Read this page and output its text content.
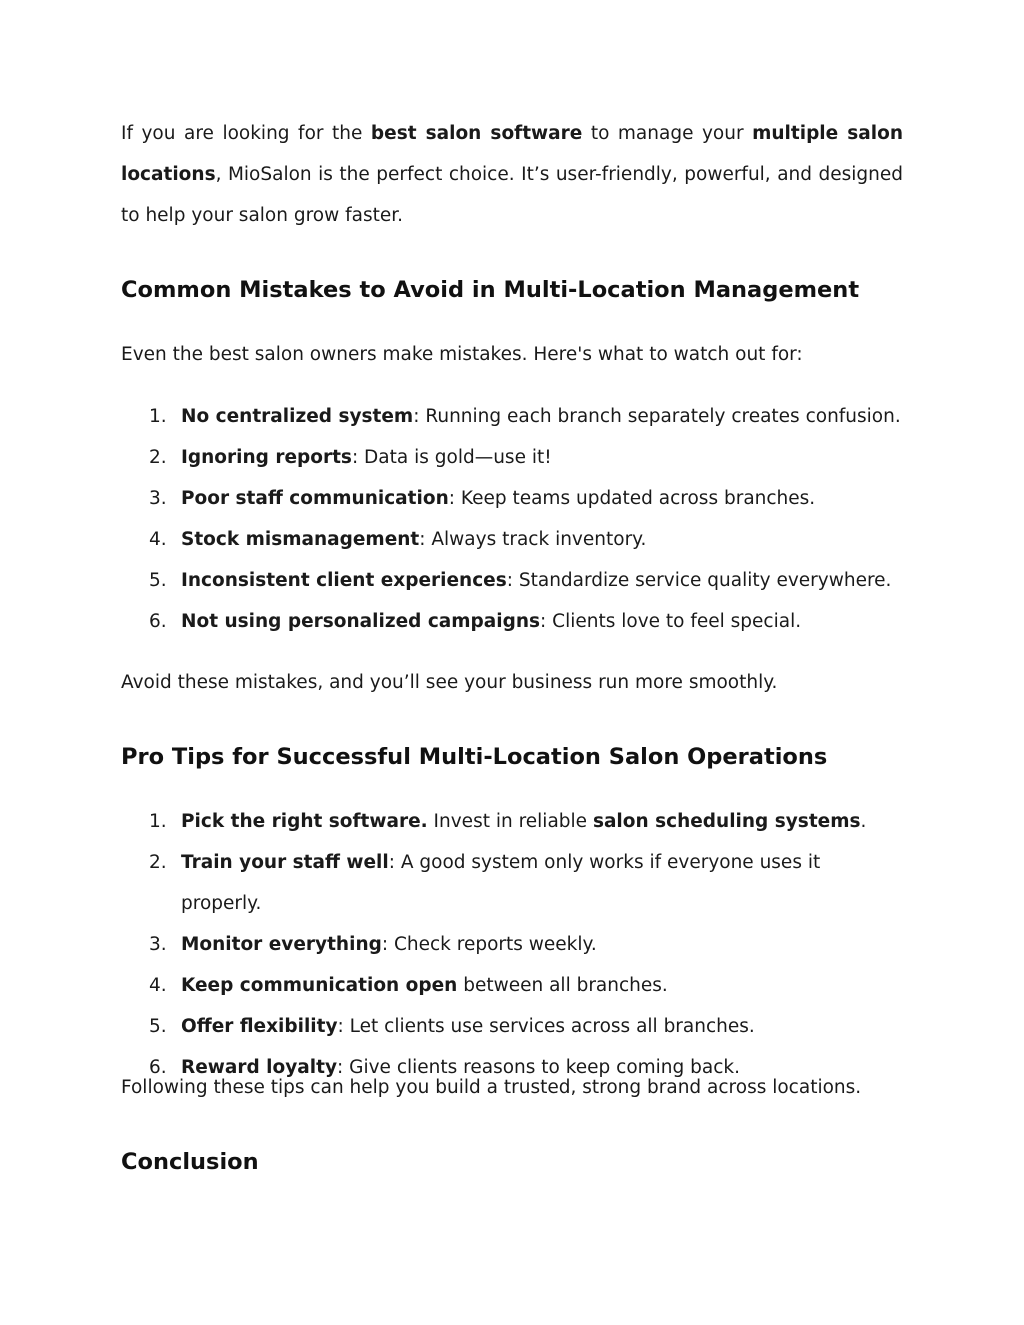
If you are looking for the best salon software to manage your multiple salon locations, MioSalon is the perfect choice. It’s user-friendly, powerful, and designed to help your salon grow faster.

Common Mistakes to Avoid in Multi-Location Management

Even the best salon owners make mistakes. Here's what to watch out for:

1. No centralized system: Running each branch separately creates confusion.
2. Ignoring reports: Data is gold—use it!
3. Poor staff communication: Keep teams updated across branches.
4. Stock mismanagement: Always track inventory.
5. Inconsistent client experiences: Standardize service quality everywhere.
6. Not using personalized campaigns: Clients love to feel special.

Avoid these mistakes, and you’ll see your business run more smoothly.

Pro Tips for Successful Multi-Location Salon Operations
1. Pick the right software. Invest in reliable salon scheduling systems.
2. Train your staff well: A good system only works if everyone uses it properly.
3. Monitor everything: Check reports weekly.
4. Keep communication open between all branches.
5. Offer flexibility: Let clients use services across all branches.
6. Reward loyalty: Give clients reasons to keep coming back.

Following these tips can help you build a trusted, strong brand across locations.

Conclusion
